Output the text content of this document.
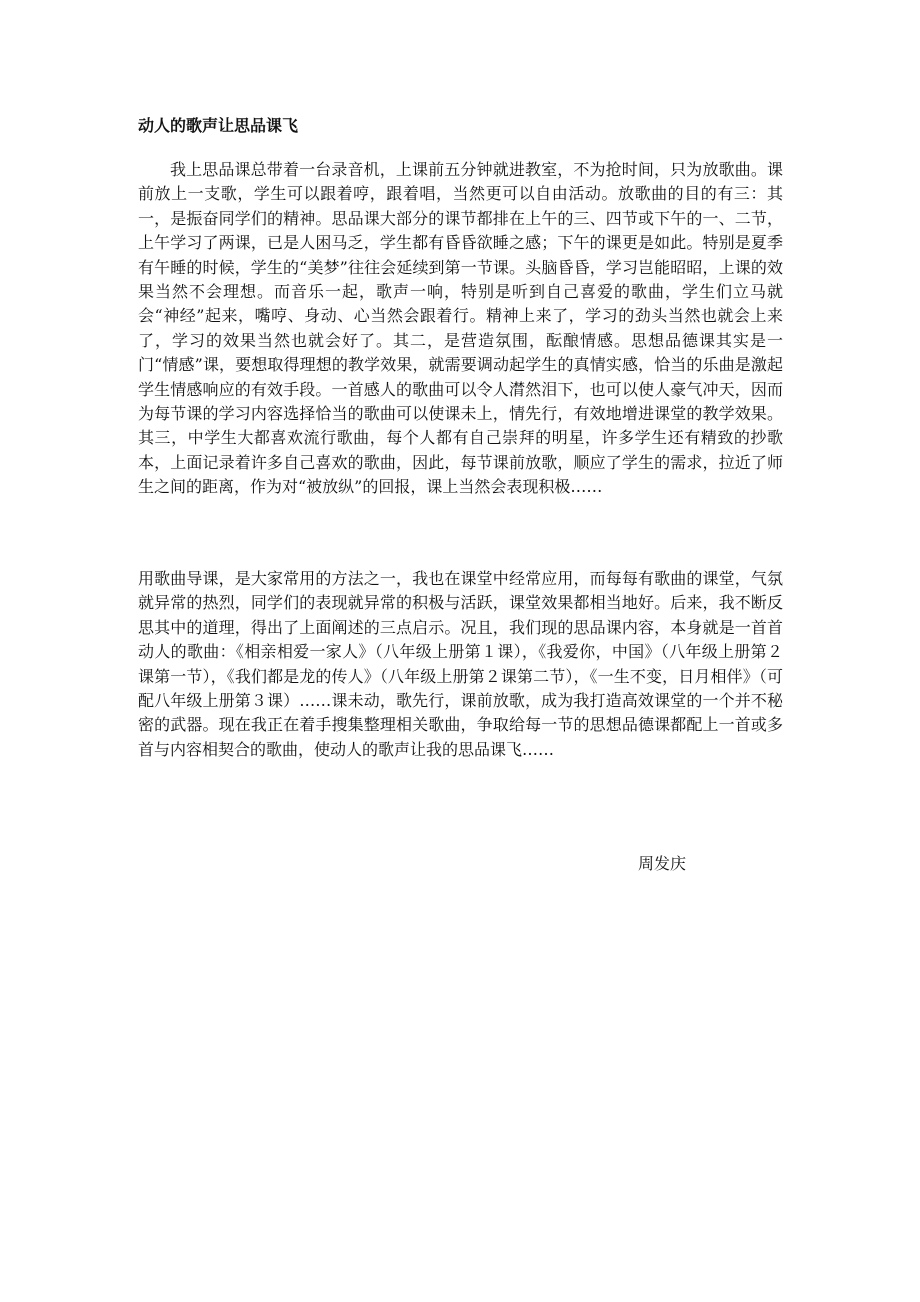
动人的歌声让思品课飞

我上思品课总带着一台录音机，上课前五分钟就进教室，不为抢时间，只为放歌曲。课前放上一支歌，学生可以跟着哼，跟着唱，当然更可以自由活动。放歌曲的目的有三：其一，是振奋同学们的精神。思品课大部分的课节都排在上午的三、四节或下午的一、二节，上午学习了两课，已是人困马乏，学生都有昏昏欲睡之感；下午的课更是如此。特别是夏季有午睡的时候，学生的“美梦”往往会延续到第一节课。头脑昏昏，学习岂能昭昭，上课的效果当然不会理想。而音乐一起，歌声一响，特别是听到自己喜爱的歌曲，学生们立马就会“神经”起来，嘴哼、身动、心当然会跟着行。精神上来了，学习的劲头当然也就会上来了，学习的效果当然也就会好了。其二，是营造氛围，酝酿情感。思想品德课其实是一门“情感”课，要想取得理想的教学效果，就需要调动起学生的真情实感，恰当的乐曲是激起学生情感响应的有效手段。一首感人的歌曲可以令人潸然泪下，也可以使人豪气冲天，因而为每节课的学习内容选择恰当的歌曲可以使课未上，情先行，有效地增进课堂的教学效果。其三，中学生大都喜欢流行歌曲，每个人都有自己崇拜的明星，许多学生还有精致的抄歌本，上面记录着许多自己喜欢的歌曲，因此，每节课前放歌，顺应了学生的需求，拉近了师生之间的距离，作为对“被放纵”的回报，课上当然会表现积极……

用歌曲导课，是大家常用的方法之一，我也在课堂中经常应用，而每每有歌曲的课堂，气氛就异常的热烈，同学们的表现就异常的积极与活跃，课堂效果都相当地好。后来，我不断反思其中的道理，得出了上面阐述的三点启示。况且，我们现的思品课内容，本身就是一首首动人的歌曲：《相亲相爱一家人》（八年级上册第１课），《我爱你，中国》（八年级上册第２课第一节），《我们都是龙的传人》（八年级上册第２课第二节），《一生不变，日月相伴》（可配八年级上册第３课）……课未动，歌先行，课前放歌，成为我打造高效课堂的一个并不秘密的武器。现在我正在着手搜集整理相关歌曲，争取给每一节的思想品德课都配上一首或多首与内容相契合的歌曲，使动人的歌声让我的思品课飞……

周发庆
